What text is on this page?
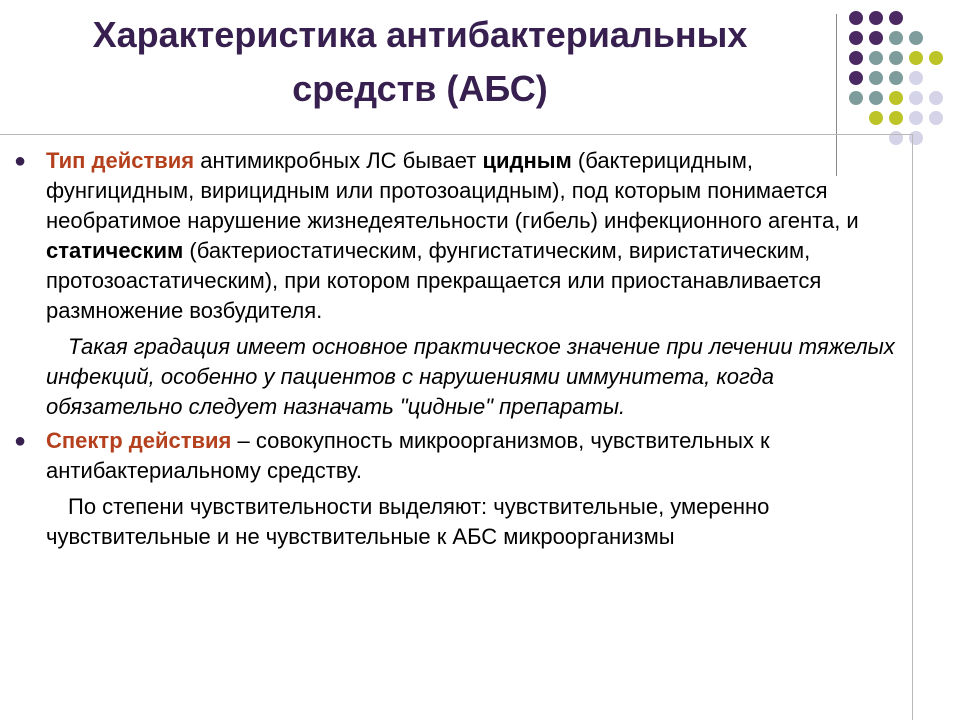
Характеристика антибактериальных
средств (АБС)
● Тип действия антимикробных ЛС бывает цидным (бактерицидным, фунгицидным, вирицидным или протозоацидным), под которым понимается необратимое нарушение жизнедеятельности (гибель) инфекционного агента, и статическим (бактериостатическим, фунгистатическим, виристатическим, протозоастатическим), при котором прекращается или приостанавливается размножение возбудителя.

Такая градация имеет основное практическое значение при лечении тяжелых инфекций, особенно у пациентов с нарушениями иммунитета, когда обязательно следует назначать "цидные" препараты.

● Спектр действия – совокупность микроорганизмов, чувствительных к антибактериальному средству.

По степени чувствительности выделяют: чувствительные, умеренно чувствительные и не чувствительные к АБС микроорганизмы
